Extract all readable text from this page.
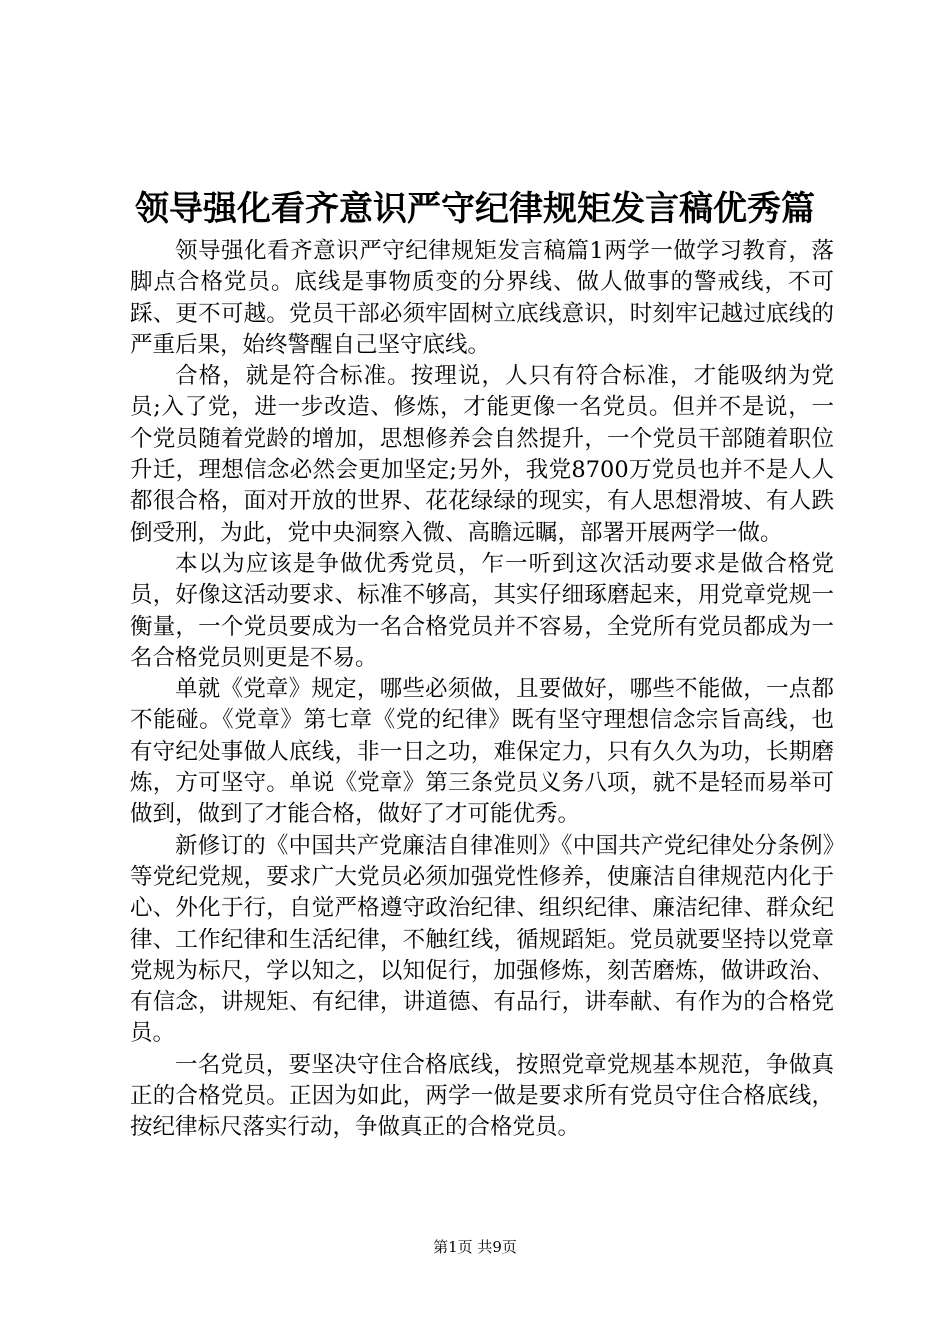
领导强化看齐意识严守纪律规矩发言稿优秀篇

领导强化看齐意识严守纪律规矩发言稿篇1两学一做学习教育，落脚点合格党员。底线是事物质变的分界线、做人做事的警戒线，不可踩、更不可越。党员干部必须牢固树立底线意识，时刻牢记越过底线的严重后果，始终警醒自己坚守底线。

合格，就是符合标准。按理说，人只有符合标准，才能吸纳为党员;入了党，进一步改造、修炼，才能更像一名党员。但并不是说，一个党员随着党龄的增加，思想修养会自然提升，一个党员干部随着职位升迁，理想信念必然会更加坚定;另外，我党8700万党员也并不是人人都很合格，面对开放的世界、花花绿绿的现实，有人思想滑坡、有人跌倒受刑，为此，党中央洞察入微、高瞻远瞩，部署开展两学一做。

本以为应该是争做优秀党员，乍一听到这次活动要求是做合格党员，好像这活动要求、标准不够高，其实仔细琢磨起来，用党章党规一衡量，一个党员要成为一名合格党员并不容易，全党所有党员都成为一名合格党员则更是不易。

单就《党章》规定，哪些必须做，且要做好，哪些不能做，一点都不能碰。《党章》第七章《党的纪律》既有坚守理想信念宗旨高线，也有守纪处事做人底线，非一日之功，难保定力，只有久久为功，长期磨炼，方可坚守。单说《党章》第三条党员义务八项，就不是轻而易举可做到，做到了才能合格，做好了才可能优秀。

新修订的《中国共产党廉洁自律准则》《中国共产党纪律处分条例》等党纪党规，要求广大党员必须加强党性修养，使廉洁自律规范内化于心、外化于行，自觉严格遵守政治纪律、组织纪律、廉洁纪律、群众纪律、工作纪律和生活纪律，不触红线，循规蹈矩。党员就要坚持以党章党规为标尺，学以知之，以知促行，加强修炼，刻苦磨炼，做讲政治、有信念，讲规矩、有纪律，讲道德、有品行，讲奉献、有作为的合格党员。

一名党员，要坚决守住合格底线，按照党章党规基本规范，争做真正的合格党员。正因为如此，两学一做是要求所有党员守住合格底线，按纪律标尺落实行动，争做真正的合格党员。

第1页 共9页
